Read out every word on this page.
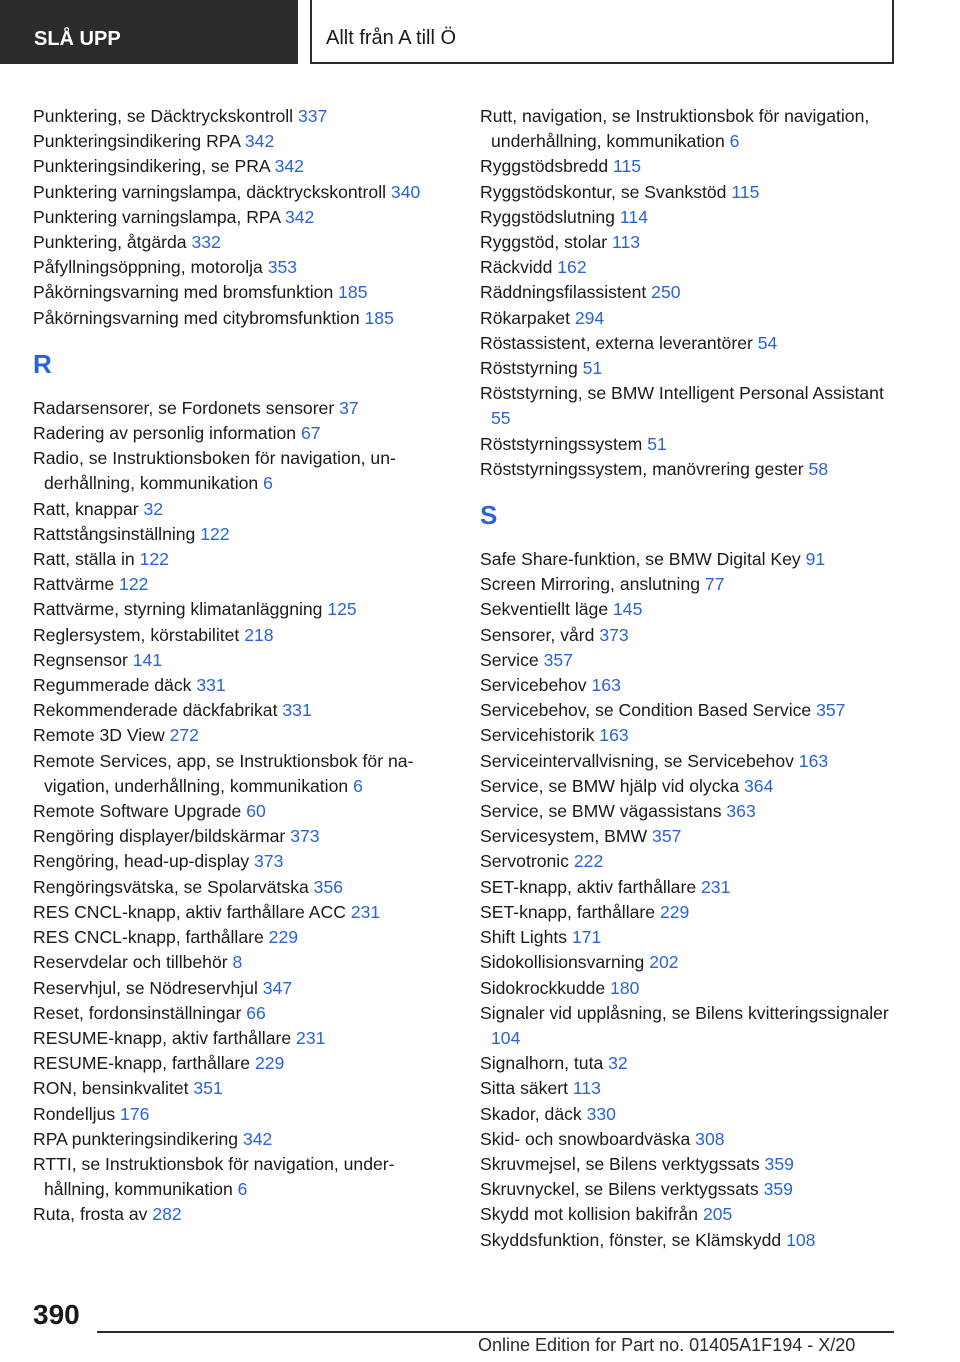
SLÅ UPP	Allt från A till Ö

Punktering, se Däcktryckskontroll 337

Punkteringsindikering RPA 342

Punkteringsindikering, se PRA 342

Punktering varningslampa, däcktryckskontroll 340

Punktering varningslampa, RPA 342

Punktering, åtgärda 332

Påfyllningsöppning, motorolja 353

Påkörningsvarning med bromsfunktion 185

Påkörningsvarning med citybromsfunktion 185

R

Radarsensorer, se Fordonets sensorer 37

Radering av personlig information 67

Radio, se Instruktionsboken för navigation, underhållning, kommunikation 6

Ratt, knappar 32

Rattstångsinställning 122

Ratt, ställa in 122

Rattvärme 122

Rattvärme, styrning klimatanläggning 125

Reglersystem, körstabilitet 218

Regnsensor 141

Regummerade däck 331

Rekommenderade däckfabrikat 331

Remote 3D View 272

Remote Services, app, se Instruktionsbok för navigation, underhållning, kommunikation 6

Remote Software Upgrade 60

Rengöring displayer/bildskärmar 373

Rengöring, head-up-display 373

Rengöringsvätska, se Spolarvätska 356

RES CNCL-knapp, aktiv farthållare ACC 231

RES CNCL-knapp, farthållare 229

Reservdelar och tillbehör 8

Reservhjul, se Nödreservhjul 347

Reset, fordonsinställningar 66

RESUME-knapp, aktiv farthållare 231

RESUME-knapp, farthållare 229

RON, bensinkvalitet 351

Rondelljus 176

RPA punkteringsindikering 342

RTTI, se Instruktionsbok för navigation, underhållning, kommunikation 6

Ruta, frosta av 282

Rutt, navigation, se Instruktionsbok för navigation, underhållning, kommunikation 6

Ryggstödsbredd 115

Ryggstödskontur, se Svankstöd 115

Ryggstödslutning 114

Ryggstöd, stolar 113

Räckvidd 162

Räddningsfilassistent 250

Rökarpaket 294

Röstassistent, externa leverantörer 54

Röststyrning 51

Röststyrning, se BMW Intelligent Personal Assistant 55

Röststyrningssystem 51

Röststyrningssystem, manövrering gester 58

S

Safe Share-funktion, se BMW Digital Key 91

Screen Mirroring, anslutning 77

Sekventiellt läge 145

Sensorer, vård 373

Service 357

Servicebehov 163

Servicebehov, se Condition Based Service 357

Servicehistorik 163

Serviceintervallvisning, se Servicebehov 163

Service, se BMW hjälp vid olycka 364

Service, se BMW vägassistans 363

Servicesystem, BMW 357

Servotronic 222

SET-knapp, aktiv farthållare 231

SET-knapp, farthållare 229

Shift Lights 171

Sidokollisionsvarning 202

Sidokrockkudde 180

Signaler vid upplåsning, se Bilens kvitteringssignaler 104

Signalhorn, tuta 32

Sitta säkert 113

Skador, däck 330

Skid- och snowboardväska 308

Skruvmejsel, se Bilens verktygssats 359

Skruvnyckel, se Bilens verktygssats 359

Skydd mot kollision bakifrån 205

Skyddsfunktion, fönster, se Klämskydd 108

390
Online Edition for Part no. 01405A1F194 - X/20
